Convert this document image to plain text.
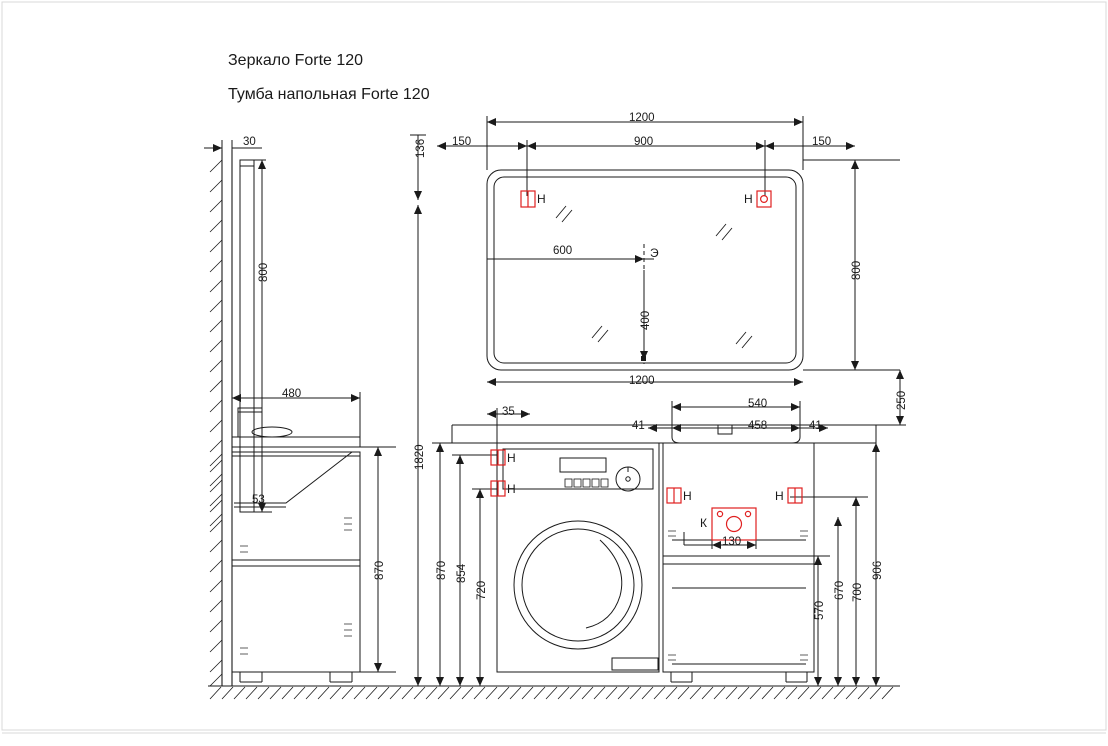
Зеркало Forte 120
Тумба напольная Forte 120
30
800
136
1820
1200
150	900	150
800
1200
600
400
250
480
53
870	870 854
720
35
540
458
41	41
130
906
700
670
570
Н	Н
Э
Н
Н	Н	Н
К
